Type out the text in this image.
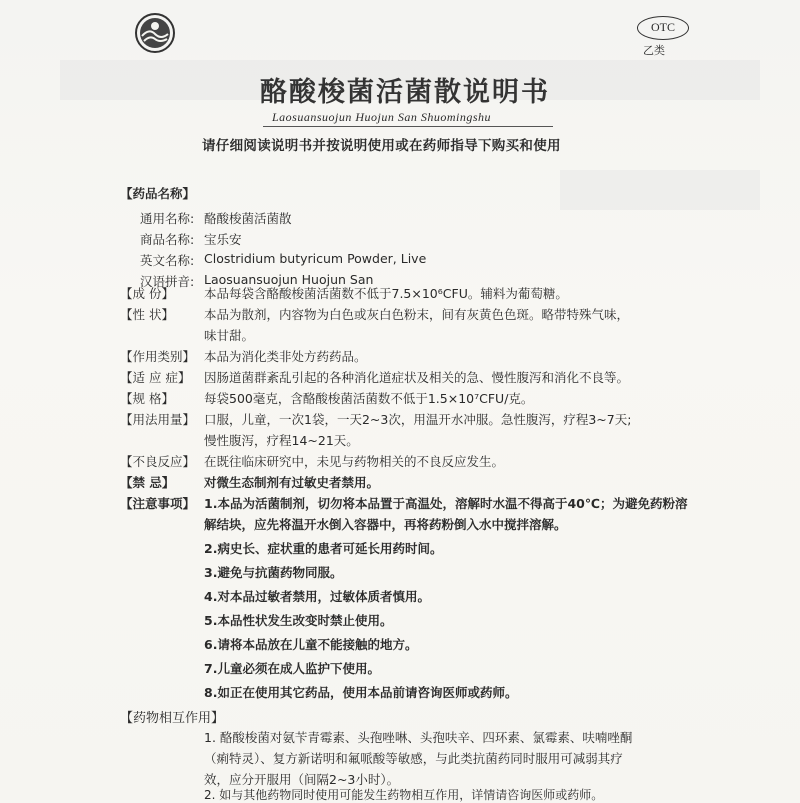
OTC
乙类
酪酸梭菌活菌散说明书
Laosuansuojun Huojun San Shuomingshu
请仔细阅读说明书并按说明使用或在药师指导下购买和使用
【药品名称】
通用名称: 酪酸梭菌活菌散
商品名称: 宝乐安
英文名称: Clostridium butyricum Powder, Live
汉语拼音: Laosuansuojun Huojun San
【成 份】 本品每袋含酪酸梭菌活菌数不低于7.5×10⁶CFU。辅料为葡萄糖。
【性 状】 本品为散剂，内容物为白色或灰白色粉末，间有灰黄色色斑。略带特殊气味，
味甘甜。
【作用类别】 本品为消化类非处方药药品。
【适 应 症】 因肠道菌群紊乱引起的各种消化道症状及相关的急、慢性腹泻和消化不良等。
【规 格】 每袋500毫克，含酪酸梭菌活菌数不低于1.5×10⁷CFU/克。
【用法用量】 口服，儿童，一次1袋，一天2~3次，用温开水冲服。急性腹泻，疗程3~7天;
慢性腹泻，疗程14~21天。
【不良反应】 在既往临床研究中，未见与药物相关的不良反应发生。
【禁 忌】 对微生态制剂有过敏史者禁用。
【注意事项】 1.本品为活菌制剂，切勿将本品置于高温处，溶解时水温不得高于40℃；为避免药粉溶
解结块，应先将温开水倒入容器中，再将药粉倒入水中搅拌溶解。
2.病史长、症状重的患者可延长用药时间。
3.避免与抗菌药物同服。
4.对本品过敏者禁用，过敏体质者慎用。
5.本品性状发生改变时禁止使用。
6.请将本品放在儿童不能接触的地方。
7.儿童必须在成人监护下使用。
8.如正在使用其它药品，使用本品前请咨询医师或药师。
【药物相互作用】
1. 酪酸梭菌对氨苄青霉素、头孢唑啉、头孢呋辛、四环素、氯霉素、呋喃唑酮
（痢特灵）、复方新诺明和氟哌酸等敏感，与此类抗菌药同时服用可减弱其疗
效，应分开服用（间隔2~3小时）。
2. 如与其他药物同时使用可能发生药物相互作用，详情请咨询医师或药师。
